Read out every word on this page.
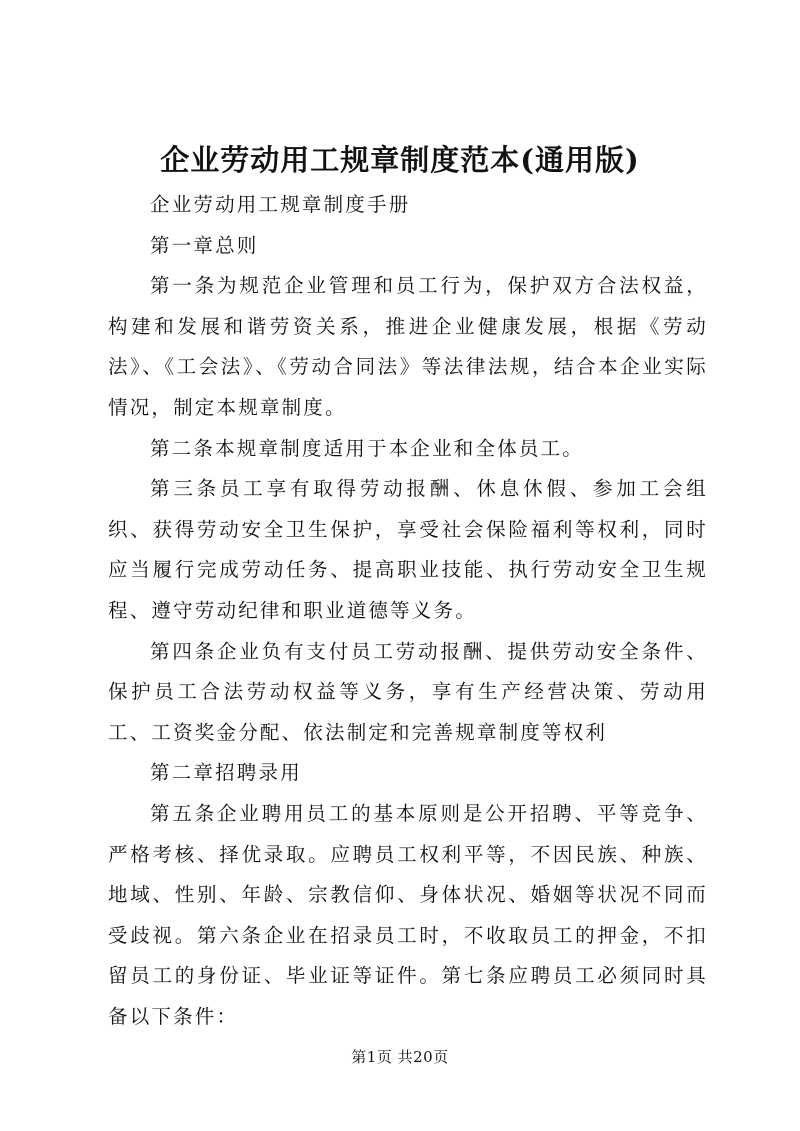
企业劳动用工规章制度范本(通用版)

企业劳动用工规章制度手册

第一章总则

第一条为规范企业管理和员工行为，保护双方合法权益，构建和发展和谐劳资关系，推进企业健康发展，根据《劳动法》、《工会法》、《劳动合同法》等法律法规，结合本企业实际情况，制定本规章制度。

第二条本规章制度适用于本企业和全体员工。

第三条员工享有取得劳动报酬、休息休假、参加工会组织、获得劳动安全卫生保护，享受社会保险福利等权利，同时应当履行完成劳动任务、提高职业技能、执行劳动安全卫生规程、遵守劳动纪律和职业道德等义务。

第四条企业负有支付员工劳动报酬、提供劳动安全条件、保护员工合法劳动权益等义务，享有生产经营决策、劳动用工、工资奖金分配、依法制定和完善规章制度等权利

第二章招聘录用

第五条企业聘用员工的基本原则是公开招聘、平等竞争、严格考核、择优录取。应聘员工权利平等，不因民族、种族、地域、性别、年龄、宗教信仰、身体状况、婚姻等状况不同而受歧视。第六条企业在招录员工时，不收取员工的押金，不扣留员工的身份证、毕业证等证件。第七条应聘员工必须同时具备以下条件：

第1页 共20页
